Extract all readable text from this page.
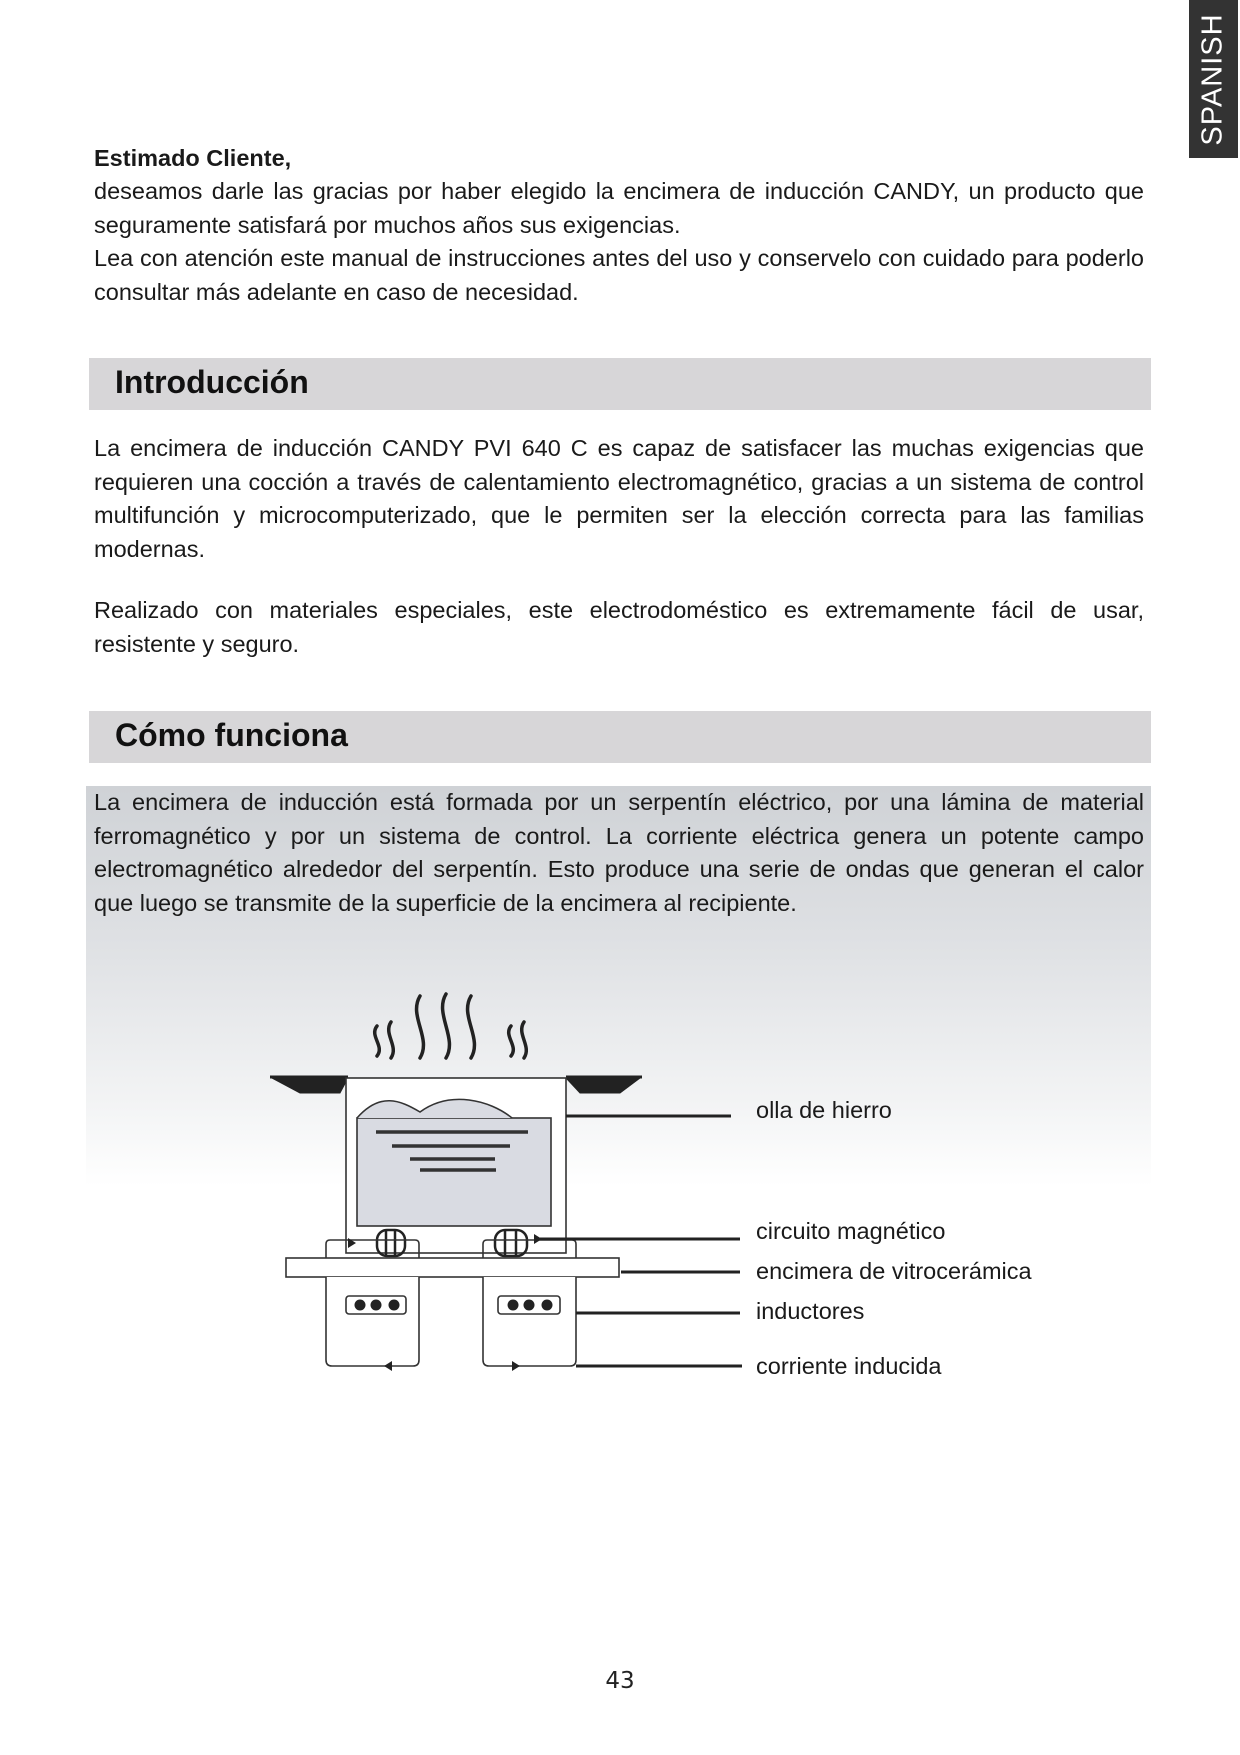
SPANISH

Estimado Cliente,

deseamos darle las gracias por haber elegido la encimera de inducción CANDY, un producto que seguramente satisfará por muchos años sus exigencias.

Lea con atención este manual de instrucciones antes del uso y conservelo con cuidado para poderlo consultar más adelante en caso de necesidad.

Introducción

La encimera de inducción CANDY PVI 640 C es capaz de satisfacer las muchas exigencias que requieren una cocción a través de calentamiento electromagnético, gracias a un sistema de control multifunción y microcomputerizado, que le permiten ser la elección correcta para las familias modernas.

Realizado con materiales especiales, este electrodoméstico es extremamente fácil de usar, resistente y seguro.

Cómo funciona

La encimera de inducción está formada por un serpentín eléctrico, por una lámina de material ferromagnético y por un sistema de control. La corriente eléctrica genera un potente campo electromagnético alrededor del serpentín. Esto produce una serie de ondas que generan el calor que luego se transmite de la superficie de la encimera al recipiente.

olla de hierro
circuito magnético
encimera de vitrocerámica
inductores
corriente inducida
43
